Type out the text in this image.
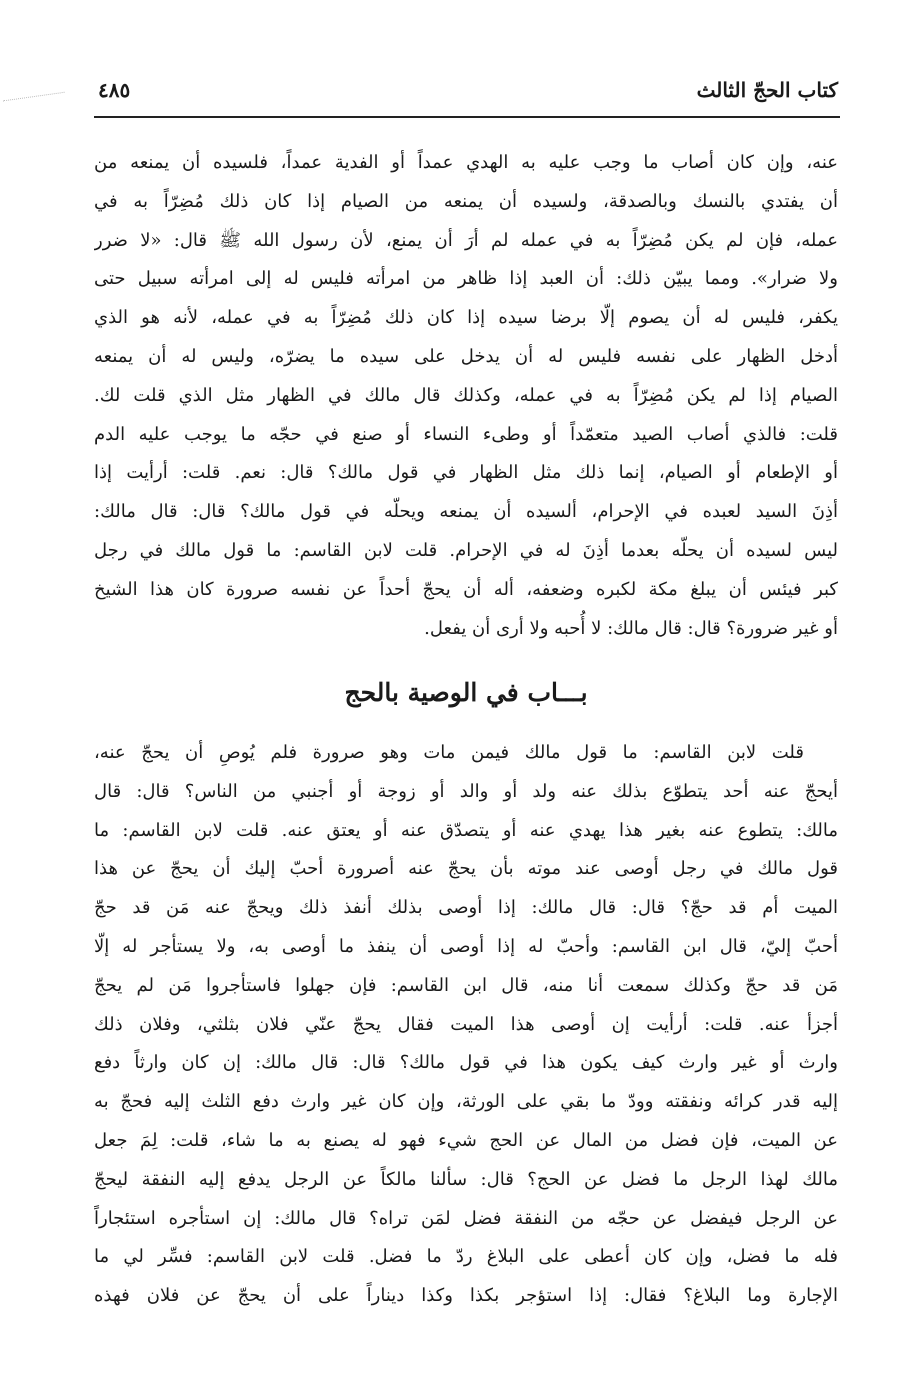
كتاب الحجّ الثالث
٤٨٥
عنه، وإن كان أصاب ما وجب عليه به الهدي عمداً أو الفدية عمداً، فلسيده أن يمنعه من
أن يفتدي بالنسك وبالصدقة، ولسيده أن يمنعه من الصيام إذا كان ذلك مُضِرّاً به في
عمله، فإن لم يكن مُضِرّاً به في عمله لم أرَ أن يمنع، لأن رسول الله ﷺ قال: «لا ضرر
ولا ضرار». ومما يبيّن ذلك: أن العبد إذا ظاهر من امرأته فليس له إلى امرأته سبيل حتى
يكفر، فليس له أن يصوم إلّا برضا سيده إذا كان ذلك مُضِرّاً به في عمله، لأنه هو الذي
أدخل الظهار على نفسه فليس له أن يدخل على سيده ما يضرّه، وليس له أن يمنعه
الصيام إذا لم يكن مُضِرّاً به في عمله، وكذلك قال مالك في الظهار مثل الذي قلت لك.
قلت: فالذي أصاب الصيد متعمّداً أو وطىء النساء أو صنع في حجّه ما يوجب عليه الدم
أو الإطعام أو الصيام، إنما ذلك مثل الظهار في قول مالك؟ قال: نعم. قلت: أرأيت إذا
أذِنَ السيد لعبده في الإحرام، ألسيده أن يمنعه ويحلّه في قول مالك؟ قال: قال مالك:
ليس لسيده أن يحلّه بعدما أذِنَ له في الإحرام. قلت لابن القاسم: ما قول مالك في رجل
كبر فيئس أن يبلغ مكة لكبره وضعفه، أله أن يحجّ أحداً عن نفسه صرورة كان هذا الشيخ
أو غير ضرورة؟ قال: قال مالك: لا أُحبه ولا أرى أن يفعل.
بـــاب في الوصية بالحج
قلت لابن القاسم: ما قول مالك فيمن مات وهو صرورة فلم يُوصِ أن يحجّ عنه،
أيحجّ عنه أحد يتطوّع بذلك عنه ولد أو والد أو زوجة أو أجنبي من الناس؟ قال: قال
مالك: يتطوع عنه بغير هذا يهدي عنه أو يتصدّق عنه أو يعتق عنه. قلت لابن القاسم: ما
قول مالك في رجل أوصى عند موته بأن يحجّ عنه أصرورة أحبّ إليك أن يحجّ عن هذا
الميت أم قد حجّ؟ قال: قال مالك: إذا أوصى بذلك أنفذ ذلك ويحجّ عنه مَن قد حجّ
أحبّ إليّ، قال ابن القاسم: وأحبّ له إذا أوصى أن ينفذ ما أوصى به، ولا يستأجر له إلّا
مَن قد حجّ وكذلك سمعت أنا منه، قال ابن القاسم: فإن جهلوا فاستأجروا مَن لم يحجّ
أجزأ عنه. قلت: أرأيت إن أوصى هذا الميت فقال يحجّ عنّي فلان بثلثي، وفلان ذلك
وارث أو غير وارث كيف يكون هذا في قول مالك؟ قال: قال مالك: إن كان وارثاً دفع
إليه قدر كرائه ونفقته وودّ ما بقي على الورثة، وإن كان غير وارث دفع الثلث إليه فحجّ به
عن الميت، فإن فضل من المال عن الحج شيء فهو له يصنع به ما شاء، قلت: لِمَ جعل
مالك لهذا الرجل ما فضل عن الحج؟ قال: سألنا مالكاً عن الرجل يدفع إليه النفقة ليحجّ
عن الرجل فيفضل عن حجّه من النفقة فضل لمَن تراه؟ قال مالك: إن استأجره استئجاراً
فله ما فضل، وإن كان أعطى على البلاغ ردّ ما فضل. قلت لابن القاسم: فسِّر لي ما
الإجارة وما البلاغ؟ فقال: إذا استؤجر بكذا وكذا ديناراً على أن يحجّ عن فلان فهذه
